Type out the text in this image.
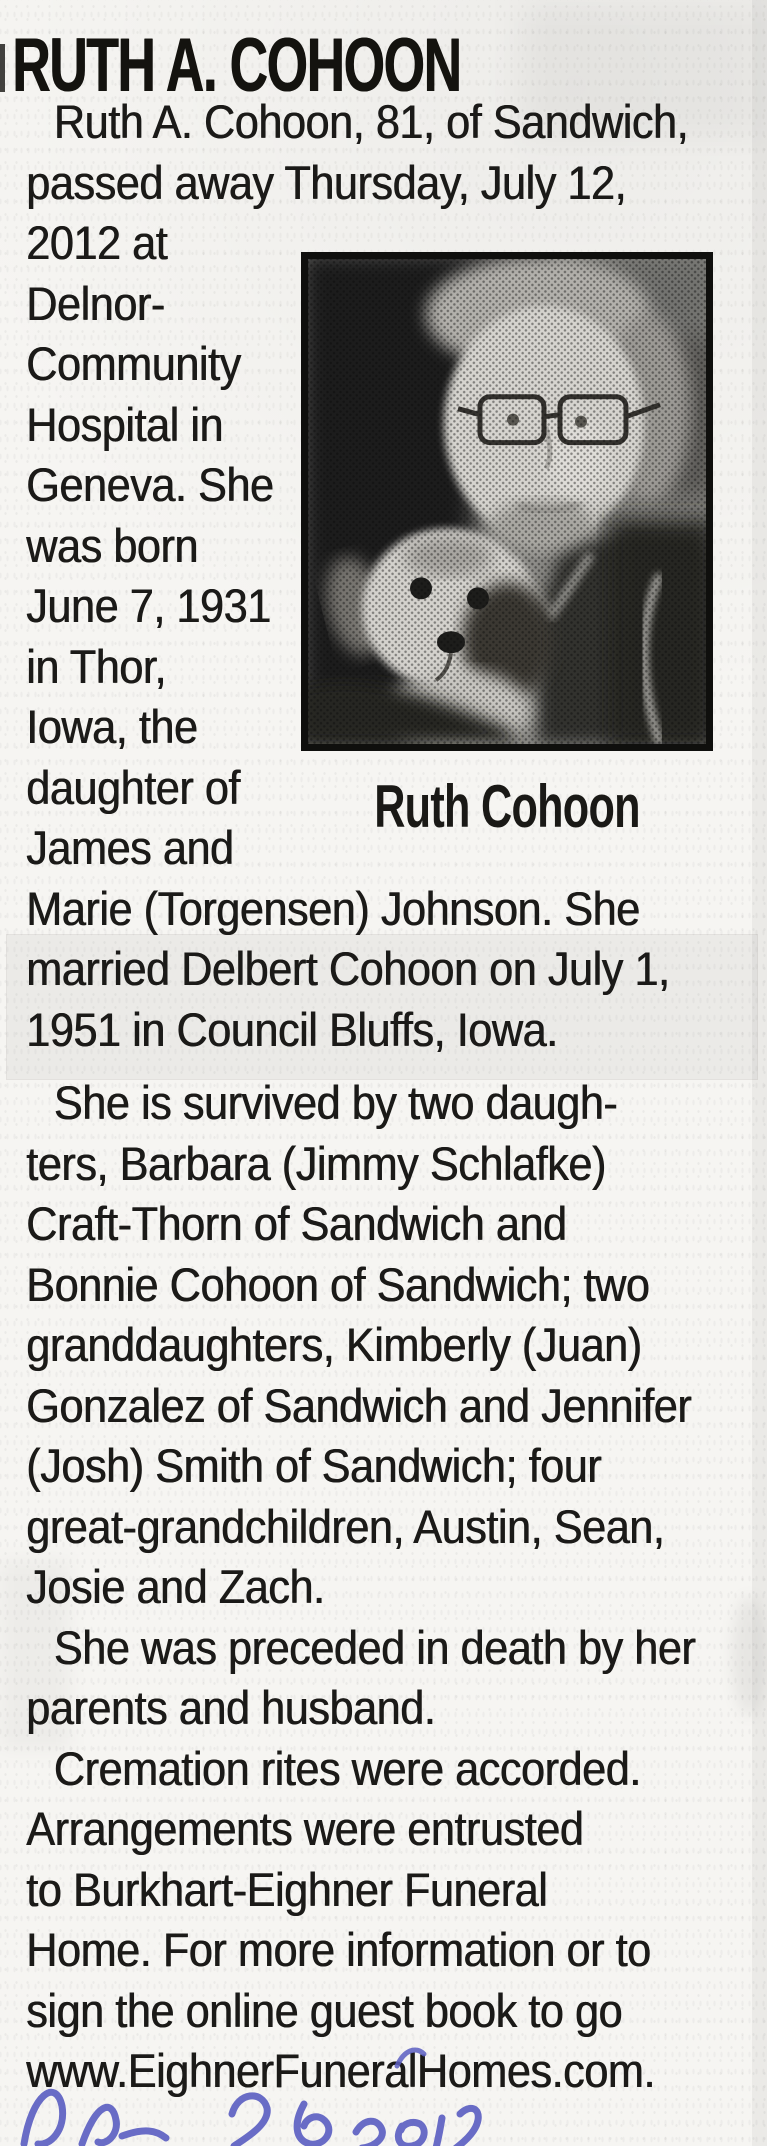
RUTH A. COHOON
Ruth A. Cohoon, 81, of Sandwich,
passed away Thursday, July 12,
2012 at
Delnor-
Community
Hospital in
Geneva. She
was born
June 7, 1931
in Thor,
Iowa, the
daughter of
James and
Marie (Torgensen) Johnson. She
married Delbert Cohoon on July 1,
1951 in Council Bluffs, Iowa.
She is survived by two daugh-
ters, Barbara (Jimmy Schlafke)
Craft-Thorn of Sandwich and
Bonnie Cohoon of Sandwich; two
granddaughters, Kimberly (Juan)
Gonzalez of Sandwich and Jennifer
(Josh) Smith of Sandwich; four
great-grandchildren, Austin, Sean,
Josie and Zach.
She was preceded in death by her
parents and husband.
Cremation rites were accorded.
Arrangements were entrusted
to Burkhart-Eighner Funeral
Home. For more information or to
sign the online guest book to go
www.EighnerFuneralHomes.com.
Ruth Cohoon
